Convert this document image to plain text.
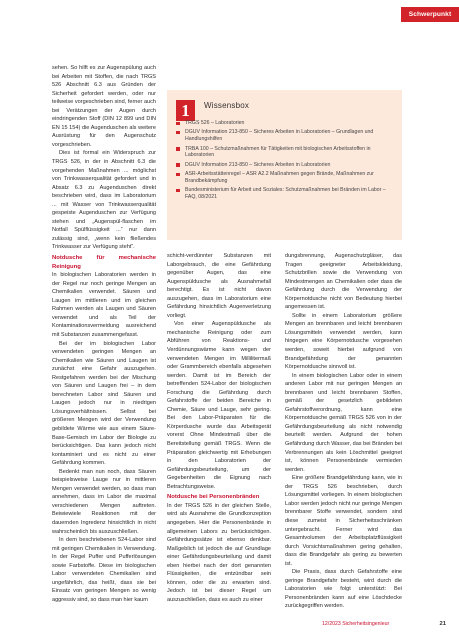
Schwerpunkt

sehen. So hilft es zur Augenspülung auch bei Arbeiten mit Stoffen, die nach TRGS 526 Abschnitt 6.3 aus Gründen der Sicherheit gefordert werden, oder nur teilweise vorgeschrieben sind, ferner auch bei Verätzungen der Augen durch eindringenden Stoff (DIN 12 899 und DIN EN 15 154) die Augenduschen als weitere Ausrüstung für den Augenschutz vorgeschrieben.

Dies ist formal ein Widerspruch zur TRGS 526, in der in Abschnitt 6.3 die vorgehenden Maßnahmen ... möglichst von Trinkwasserqualität gefordert und in Absatz 6.3 zu Augenduschen direkt beschrieben wird, dass im Laboratorium ... mit Wasser von Trinkwasserqualität gespeiste Augenduschen zur Verfügung stehen und „Augenspül-flaschen im Notfall Spülflüssigkeit ...“ nur dann zulässig sind, „wenn kein fließendes Trinkwasser zur Verfügung steht“.

Notdusche für mechanische Reinigung

In biologischen Laboratorien werden in der Regel nur noch geringe Mengen an Chemikalien verwendet. Säuren und Laugen im mittleren und im gleichen Rahmen werden als Laugen und Säuren verwendet und als Teil der Kontaminationsvermeidung ausreichend mit Substanzen zusammengefasst.

Bei der im biologischen Labor verwendeten geringen Mengen an Chemikalien wie Säuren und Laugen ist zunächst eine Gefahr auszugehen. Restgefahren werden bei der Mischung von Säuren und Laugen frei – in dem berechneten Labor sind Säuren und Laugen jedoch nur in niedrigen Lösungsverhältnissen. Selbst bei größeren Mengen wird der Verwendung gebildete Wärme wie aus einem Säure-Base-Gemisch im Labor der Biologie zu berücksichtigen. Das kann jedoch nicht kontaminiert und es nicht zu einer Gefährdung kommen.

Bedenkt man nun noch, dass Säuren beispielsweise Lauge nur in mittleren Mengen verwendet werden, so dass man annehmen, dass im Labor die maximal verschiedenen Mengen auftreten. Beiwiewiele Reaktionen mit der dauernden Ingredenz hinsichtlich in nicht wahrscheinlich bis auszuschließen.

In dem beschriebenen 524-Labor sind mit geringen Chemikalien in Verwendung. In der Regel Puffer und Pufferlösungen sowie Farbstoffe. Diese im biologischen Labor verwendeten Chemikalien sind ungefährlich, das heißt, dass sie bei Einsatz von geringen Mengen so wenig aggressiv sind, so dass man hier kaum

1	Wissensbox
TRGS 526 – Laboratorien
DGUV Information 213-850 – Sicheres Arbeiten in Laboratorien – Grundlagen und Handlungshilfen
TRBA 100 – Schutzmaßnahmen für Tätigkeiten mit biologischen Arbeitsstoffen in Laboratorien
DGUV Information 213-850 – Sicheres Arbeiten in Laboratorien
ASR-Arbeitsstättenregel – ASR A2.2 Maßnahmen gegen Brände, Maßnahmen zur Brandbekämpfung
Bundesministerium für Arbeit und Soziales: Schutzmaßnahmen bei Bränden im Labor – FAQ, 08/2021

schicht-verdünnter Substanzen mit Laborgebrauch, die eine Gefährdung gegenüber Augen, das eine Augenspüldusche als Ausnahmefall berechtigt. Es ist nicht davon auszugehen, dass im Laboratorium eine Gefährdung hinsichtlich Augenverletzung vorliegt.

Von einer Augenspüldusche als mechanische Reinigung oder zum Abführen von Reaktions- und Verdünnungswärme kann wegen der verwendeten Mengen im Millilitermaß oder Grammbereich ebenfalls abgesehen werden. Damit ist im Bereich der betreffenden 524-Labor der biologischen Forschung die Gefährdung durch Gefahrstoffe der beiden Bereiche in Chemie, Säure und Lauge, sehr gering. Bei den Labor-Präparaten für die Körperdusche wurde das Arbeitsgerät vorerst Ohne Mindestmaß über die Bereitstellung gemäß TRGS. Wenn die Präparation gleichwertig mit Erhebungen in den Laboratorien der Gefährdungsbeurteilung, um der Gegebenheiten die Eignung nach Betrachtungsweise.

Notdusche bei Personenbränden

In der TRGS 526 in der gleichen Stelle, wird als Ausnahme die Grundkonzeption angegeben. Hier die Personenbrände in allgemeinen Labors zu berücksichtigen. Gefährdungssätze ist ebenso denkbar. Maßgeblich ist jedoch die auf Grundlage einer Gefährdungsbeurteilung und damit eben hierbei nach der dort genannten Flüssigkeiten, die entzündbar sein können, oder die zu erwarten sind. Jedoch ist bei dieser Regel um auszuschließen, dass es auch zu einer

dungsbrennung, Augenschutzgläser, das Tragen geeigneter Arbeitskleidung, Schutzbrillen sowie die Verwendung von Mindestmengen an Chemikalien oder dass die Gefährdung durch die Verwendung der Körpernotdusche nicht von Bedeutung hierbei angemessen ist.

Sollte in einem Laboratorium größere Mengen an brennbaren und leicht brennbaren Lösungsmitteln verwendet werden, kann hingegen eine Körpernotdusche vorgesehen werden, soweit hierbei aufgrund von Brandgefährdung der genannten Körpernotdusche sinnvoll ist.

In einem biologischen Labor oder in einem anderen Labor mit nur geringen Mengen an brennbaren und leicht brennbaren Stoffen, gemäß der gesetzlich gebildeten Gefahrstoffverordnung, kann eine Körpernotdusche gemäß TRGS 526 von in der Gefährdungsbeurteilung als nicht notwendig beurteilt werden. Aufgrund der hohen Gefährdung durch Wasser, das bei Bränden bei Verbrennungen als kein Löschmittel geeignet ist, können Personenbrände vermieden werden.

Eine größere Brandgefährdung kann, wie in der TRGS 526 beschrieben, durch Lösungsmittel vorliegen. In einem biologischen Labor werden jedoch nicht nur geringe Mengen brennbarer Stoffe verwendet, sondern sind diese zumeist in Sicherheitsschränken untergebracht. Ferner wird das Gesamtvolumen der Arbeitsplatzflüssigkeit durch Vorsichtsmaßnahmen gering gehalten, dass die Brandgefahr als gering zu bewerten ist.

Die Praxis, dass durch Gefahrstoffe eine geringe Brandgefahr besteht, wird durch die Laboratorien wie folgt unterstützt: Bei Personenbränden kann auf eine Löschdecke zurückgegriffen werden.

12/2023 Sicherheitsingenieur	21
